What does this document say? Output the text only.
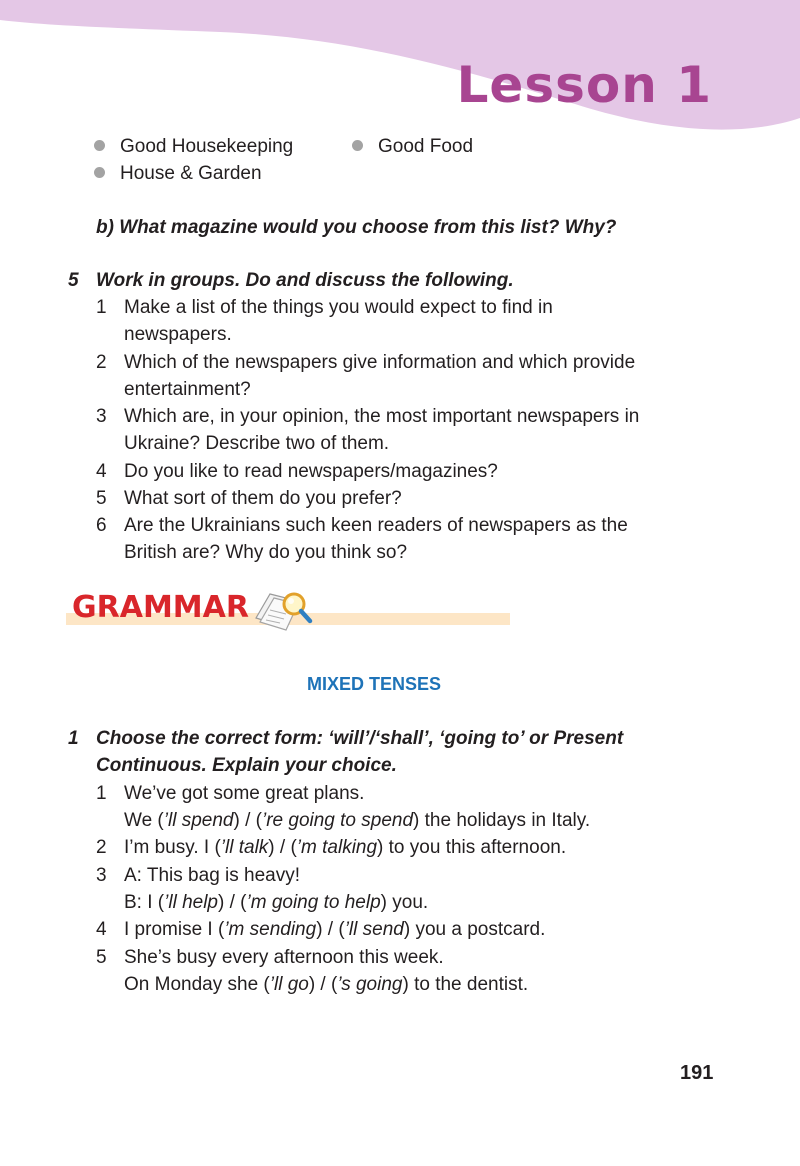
Lesson 1
Good Housekeeping	Good Food
House & Garden
b) What magazine would you choose from this list? Why?
5 Work in groups. Do and discuss the following.
1 Make a list of the things you would expect to find in
newspapers.
2 Which of the newspapers give information and which provide
entertainment?
3 Which are, in your opinion, the most important newspapers in
Ukraine? Describe two of them.
4 Do you like to read newspapers/magazines?
5 What sort of them do you prefer?
6 Are the Ukrainians such keen readers of newspapers as the
British are? Why do you think so?
GRAMMAR
MIXED TENSES
1 Choose the correct form: ‘will’/‘shall’, ‘going to’ or Present
Continuous. Explain your choice.
1 We’ve got some great plans.
We (’ll spend) / (’re going to spend) the holidays in Italy.
2 I’m busy. I (’ll talk) / (’m talking) to you this afternoon.
3 A: This bag is heavy!
B: I (’ll help) / (’m going to help) you.
4 I promise I (’m sending) / (’ll send) you a postcard.
5 She’s busy every afternoon this week.
On Monday she (’ll go) / (’s going) to the dentist.
191
